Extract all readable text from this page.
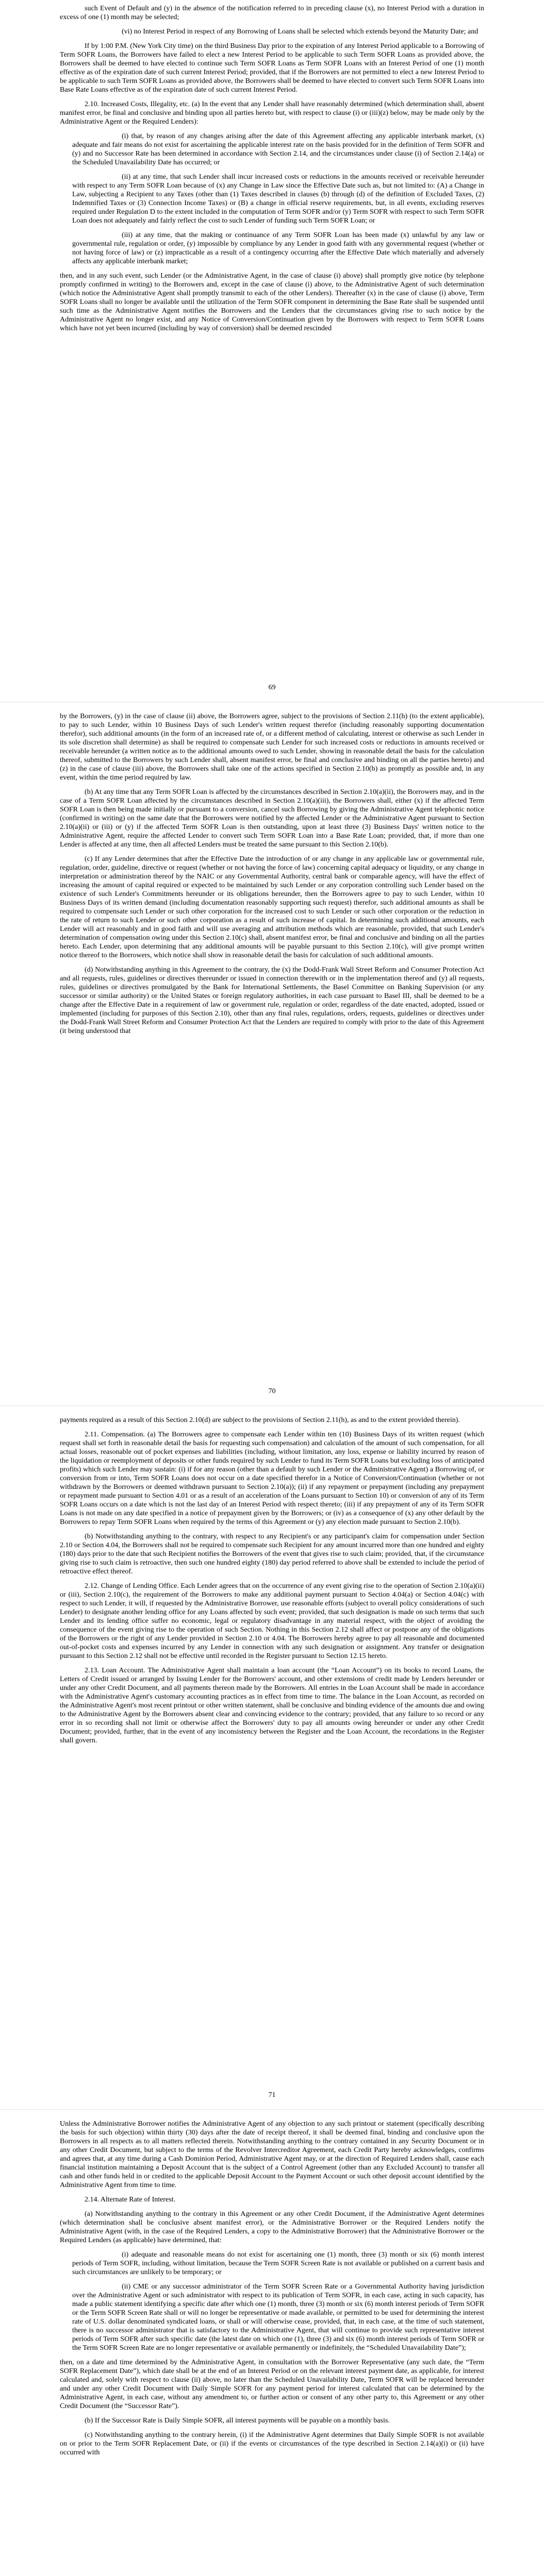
such Event of Default and (y) in the absence of the notification referred to in preceding clause (x), no Interest Period with a duration in excess of one (1) month may be selected;

(vi) no Interest Period in respect of any Borrowing of Loans shall be selected which extends beyond the Maturity Date; and

If by 1:00 P.M. (New York City time) on the third Business Day prior to the expiration of any Interest Period applicable to a Borrowing of Term SOFR Loans, the Borrowers have failed to elect a new Interest Period to be applicable to such Term SOFR Loans as provided above, the Borrowers shall be deemed to have elected to continue such Term SOFR Loans as Term SOFR Loans with an Interest Period of one (1) month effective as of the expiration date of such current Interest Period; provided, that if the Borrowers are not permitted to elect a new Interest Period to be applicable to such Term SOFR Loans as provided above, the Borrowers shall be deemed to have elected to convert such Term SOFR Loans into Base Rate Loans effective as of the expiration date of such current Interest Period.

2.10. Increased Costs, Illegality, etc. (a) In the event that any Lender shall have reasonably determined (which determination shall, absent manifest error, be final and conclusive and binding upon all parties hereto but, with respect to clause (i) or (iii)(z) below, may be made only by the Administrative Agent or the Required Lenders):

(i) that, by reason of any changes arising after the date of this Agreement affecting any applicable interbank market, (x) adequate and fair means do not exist for ascertaining the applicable interest rate on the basis provided for in the definition of Term SOFR and (y) and no Successor Rate has been determined in accordance with Section 2.14, and the circumstances under clause (i) of Section 2.14(a) or the Scheduled Unavailability Date has occurred; or

(ii) at any time, that such Lender shall incur increased costs or reductions in the amounts received or receivable hereunder with respect to any Term SOFR Loan because of (x) any Change in Law since the Effective Date such as, but not limited to: (A) a Change in Law, subjecting a Recipient to any Taxes (other than (1) Taxes described in clauses (b) through (d) of the definition of Excluded Taxes, (2) Indemnified Taxes or (3) Connection Income Taxes) or (B) a change in official reserve requirements, but, in all events, excluding reserves required under Regulation D to the extent included in the computation of Term SOFR and/or (y) Term SOFR with respect to such Term SOFR Loan does not adequately and fairly reflect the cost to such Lender of funding such Term SOFR Loan; or

(iii) at any time, that the making or continuance of any Term SOFR Loan has been made (x) unlawful by any law or governmental rule, regulation or order, (y) impossible by compliance by any Lender in good faith with any governmental request (whether or not having force of law) or (z) impracticable as a result of a contingency occurring after the Effective Date which materially and adversely affects any applicable interbank market;

then, and in any such event, such Lender (or the Administrative Agent, in the case of clause (i) above) shall promptly give notice (by telephone promptly confirmed in writing) to the Borrowers and, except in the case of clause (i) above, to the Administrative Agent of such determination (which notice the Administrative Agent shall promptly transmit to each of the other Lenders). Thereafter (x) in the case of clause (i) above, Term SOFR Loans shall no longer be available until the utilization of the Term SOFR component in determining the Base Rate shall be suspended until such time as the Administrative Agent notifies the Borrowers and the Lenders that the circumstances giving rise to such notice by the Administrative Agent no longer exist, and any Notice of Conversion/Continuation given by the Borrowers with respect to Term SOFR Loans which have not yet been incurred (including by way of conversion) shall be deemed rescinded

69

by the Borrowers, (y) in the case of clause (ii) above, the Borrowers agree, subject to the provisions of Section 2.11(h) (to the extent applicable), to pay to such Lender, within 10 Business Days of such Lender's written request therefor (including reasonably supporting documentation therefor), such additional amounts (in the form of an increased rate of, or a different method of calculating, interest or otherwise as such Lender in its sole discretion shall determine) as shall be required to compensate such Lender for such increased costs or reductions in amounts received or receivable hereunder (a written notice as to the additional amounts owed to such Lender, showing in reasonable detail the basis for the calculation thereof, submitted to the Borrowers by such Lender shall, absent manifest error, be final and conclusive and binding on all the parties hereto) and (z) in the case of clause (iii) above, the Borrowers shall take one of the actions specified in Section 2.10(b) as promptly as possible and, in any event, within the time period required by law.

(b) At any time that any Term SOFR Loan is affected by the circumstances described in Section 2.10(a)(ii), the Borrowers may, and in the case of a Term SOFR Loan affected by the circumstances described in Section 2.10(a)(iii), the Borrowers shall, either (x) if the affected Term SOFR Loan is then being made initially or pursuant to a conversion, cancel such Borrowing by giving the Administrative Agent telephonic notice (confirmed in writing) on the same date that the Borrowers were notified by the affected Lender or the Administrative Agent pursuant to Section 2.10(a)(ii) or (iii) or (y) if the affected Term SOFR Loan is then outstanding, upon at least three (3) Business Days' written notice to the Administrative Agent, require the affected Lender to convert such Term SOFR Loan into a Base Rate Loan; provided, that, if more than one Lender is affected at any time, then all affected Lenders must be treated the same pursuant to this Section 2.10(b).

(c) If any Lender determines that after the Effective Date the introduction of or any change in any applicable law or governmental rule, regulation, order, guideline, directive or request (whether or not having the force of law) concerning capital adequacy or liquidity, or any change in interpretation or administration thereof by the NAIC or any Governmental Authority, central bank or comparable agency, will have the effect of increasing the amount of capital required or expected to be maintained by such Lender or any corporation controlling such Lender based on the existence of such Lender's Commitments hereunder or its obligations hereunder, then the Borrowers agree to pay to such Lender, within 10 Business Days of its written demand (including documentation reasonably supporting such request) therefor, such additional amounts as shall be required to compensate such Lender or such other corporation for the increased cost to such Lender or such other corporation or the reduction in the rate of return to such Lender or such other corporation as a result of such increase of capital. In determining such additional amounts, each Lender will act reasonably and in good faith and will use averaging and attribution methods which are reasonable, provided, that such Lender's determination of compensation owing under this Section 2.10(c) shall, absent manifest error, be final and conclusive and binding on all the parties hereto. Each Lender, upon determining that any additional amounts will be payable pursuant to this Section 2.10(c), will give prompt written notice thereof to the Borrowers, which notice shall show in reasonable detail the basis for calculation of such additional amounts.

(d) Notwithstanding anything in this Agreement to the contrary, the (x) the Dodd-Frank Wall Street Reform and Consumer Protection Act and all requests, rules, guidelines or directives thereunder or issued in connection therewith or in the implementation thereof and (y) all requests, rules, guidelines or directives promulgated by the Bank for International Settlements, the Basel Committee on Banking Supervision (or any successor or similar authority) or the United States or foreign regulatory authorities, in each case pursuant to Basel III, shall be deemed to be a change after the Effective Date in a requirement of law or government rule, regulation or order, regardless of the date enacted, adopted, issued or implemented (including for purposes of this Section 2.10), other than any final rules, regulations, orders, requests, guidelines or directives under the Dodd-Frank Wall Street Reform and Consumer Protection Act that the Lenders are required to comply with prior to the date of this Agreement (it being understood that

70

payments required as a result of this Section 2.10(d) are subject to the provisions of Section 2.11(h), as and to the extent provided therein).

2.11. Compensation. (a) The Borrowers agree to compensate each Lender within ten (10) Business Days of its written request (which request shall set forth in reasonable detail the basis for requesting such compensation) and calculation of the amount of such compensation, for all actual losses, reasonable out of pocket expenses and liabilities (including, without limitation, any loss, expense or liability incurred by reason of the liquidation or reemployment of deposits or other funds required by such Lender to fund its Term SOFR Loans but excluding loss of anticipated profits) which such Lender may sustain: (i) if for any reason (other than a default by such Lender or the Administrative Agent) a Borrowing of, or conversion from or into, Term SOFR Loans does not occur on a date specified therefor in a Notice of Conversion/Continuation (whether or not withdrawn by the Borrowers or deemed withdrawn pursuant to Section 2.10(a)); (ii) if any repayment or prepayment (including any prepayment or repayment made pursuant to Section 4.01 or as a result of an acceleration of the Loans pursuant to Section 10) or conversion of any of its Term SOFR Loans occurs on a date which is not the last day of an Interest Period with respect thereto; (iii) if any prepayment of any of its Term SOFR Loans is not made on any date specified in a notice of prepayment given by the Borrowers; or (iv) as a consequence of (x) any other default by the Borrowers to repay Term SOFR Loans when required by the terms of this Agreement or (y) any election made pursuant to Section 2.10(b).

(b) Notwithstanding anything to the contrary, with respect to any Recipient's or any participant's claim for compensation under Section 2.10 or Section 4.04, the Borrowers shall not be required to compensate such Recipient for any amount incurred more than one hundred and eighty (180) days prior to the date that such Recipient notifies the Borrowers of the event that gives rise to such claim; provided, that, if the circumstance giving rise to such claim is retroactive, then such one hundred eighty (180) day period referred to above shall be extended to include the period of retroactive effect thereof.

2.12. Change of Lending Office. Each Lender agrees that on the occurrence of any event giving rise to the operation of Section 2.10(a)(ii) or (iii), Section 2.10(c), the requirement of the Borrowers to make any additional payment pursuant to Section 4.04(a) or Section 4.04(c) with respect to such Lender, it will, if requested by the Administrative Borrower, use reasonable efforts (subject to overall policy considerations of such Lender) to designate another lending office for any Loans affected by such event; provided, that such designation is made on such terms that such Lender and its lending office suffer no economic, legal or regulatory disadvantage in any material respect, with the object of avoiding the consequence of the event giving rise to the operation of such Section. Nothing in this Section 2.12 shall affect or postpone any of the obligations of the Borrowers or the right of any Lender provided in Section 2.10 or 4.04. The Borrowers hereby agree to pay all reasonable and documented out-of-pocket costs and expenses incurred by any Lender in connection with any such designation or assignment. Any transfer or designation pursuant to this Section 2.12 shall not be effective until recorded in the Register pursuant to Section 12.15 hereto.

2.13. Loan Account. The Administrative Agent shall maintain a loan account (the “Loan Account”) on its books to record Loans, the Letters of Credit issued or arranged by Issuing Lender for the Borrowers' account, and other extensions of credit made by Lenders hereunder or under any other Credit Document, and all payments thereon made by the Borrowers. All entries in the Loan Account shall be made in accordance with the Administrative Agent's customary accounting practices as in effect from time to time. The balance in the Loan Account, as recorded on the Administrative Agent's most recent printout or other written statement, shall be conclusive and binding evidence of the amounts due and owing to the Administrative Agent by the Borrowers absent clear and convincing evidence to the contrary; provided, that any failure to so record or any error in so recording shall not limit or otherwise affect the Borrowers' duty to pay all amounts owing hereunder or under any other Credit Document; provided, further, that in the event of any inconsistency between the Register and the Loan Account, the recordations in the Register shall govern.

71

Unless the Administrative Borrower notifies the Administrative Agent of any objection to any such printout or statement (specifically describing the basis for such objection) within thirty (30) days after the date of receipt thereof, it shall be deemed final, binding and conclusive upon the Borrowers in all respects as to all matters reflected therein. Notwithstanding anything to the contrary contained in any Security Document or in any other Credit Document, but subject to the terms of the Revolver Intercreditor Agreement, each Credit Party hereby acknowledges, confirms and agrees that, at any time during a Cash Dominion Period, Administrative Agent may, or at the direction of Required Lenders shall, cause each financial institution maintaining a Deposit Account that is the subject of a Control Agreement (other than any Excluded Account) to transfer all cash and other funds held in or credited to the applicable Deposit Account to the Payment Account or such other deposit account identified by the Administrative Agent from time to time.

2.14. Alternate Rate of Interest.

(a) Notwithstanding anything to the contrary in this Agreement or any other Credit Document, if the Administrative Agent determines (which determination shall be conclusive absent manifest error), or the Administrative Borrower or the Required Lenders notify the Administrative Agent (with, in the case of the Required Lenders, a copy to the Administrative Borrower) that the Administrative Borrower or the Required Lenders (as applicable) have determined, that:

(i) adequate and reasonable means do not exist for ascertaining one (1) month, three (3) month or six (6) month interest periods of Term SOFR, including, without limitation, because the Term SOFR Screen Rate is not available or published on a current basis and such circumstances are unlikely to be temporary; or

(ii) CME or any successor administrator of the Term SOFR Screen Rate or a Governmental Authority having jurisdiction over the Administrative Agent or such administrator with respect to its publication of Term SOFR, in each case, acting in such capacity, has made a public statement identifying a specific date after which one (1) month, three (3) month or six (6) month interest periods of Term SOFR or the Term SOFR Screen Rate shall or will no longer be representative or made available, or permitted to be used for determining the interest rate of U.S. dollar denominated syndicated loans, or shall or will otherwise cease, provided, that, in each case, at the time of such statement, there is no successor administrator that is satisfactory to the Administrative Agent, that will continue to provide such representative interest periods of Term SOFR after such specific date (the latest date on which one (1), three (3) and six (6) month interest periods of Term SOFR or the Term SOFR Screen Rate are no longer representative or available permanently or indefinitely, the “Scheduled Unavailability Date”);

then, on a date and time determined by the Administrative Agent, in consultation with the Borrower Representative (any such date, the “Term SOFR Replacement Date”), which date shall be at the end of an Interest Period or on the relevant interest payment date, as applicable, for interest calculated and, solely with respect to clause (ii) above, no later than the Scheduled Unavailability Date, Term SOFR will be replaced hereunder and under any other Credit Document with Daily Simple SOFR for any payment period for interest calculated that can be determined by the Administrative Agent, in each case, without any amendment to, or further action or consent of any other party to, this Agreement or any other Credit Document (the “Successor Rate”).

(b) If the Successor Rate is Daily Simple SOFR, all interest payments will be payable on a monthly basis.

(c) Notwithstanding anything to the contrary herein, (i) if the Administrative Agent determines that Daily Simple SOFR is not available on or prior to the Term SOFR Replacement Date, or (ii) if the events or circumstances of the type described in Section 2.14(a)(i) or (ii) have occurred with
